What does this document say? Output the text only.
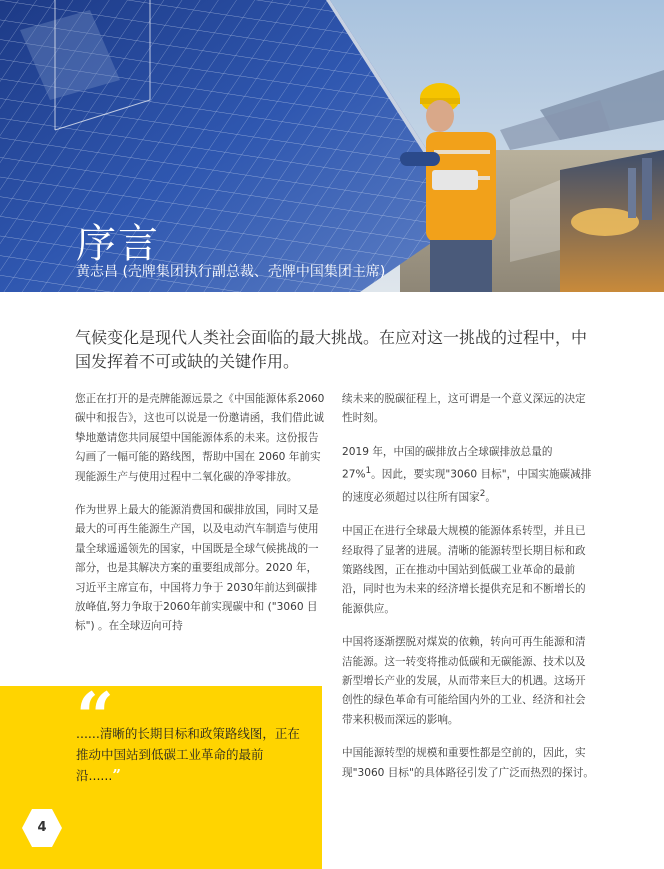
序言

黄志昌 (壳牌集团执行副总裁、壳牌中国集团主席)

气候变化是现代人类社会面临的最大挑战。在应对这一挑战的过程中，中国发挥着不可或缺的关键作用。

您正在打开的是壳牌能源远景之《中国能源体系2060 碳中和报告》，这也可以说是一份邀请函，我们借此诚挚地邀请您共同展望中国能源体系的未来。这份报告勾画了一幅可能的路线图，帮助中国在 2060 年前实现能源生产与使用过程中二氧化碳的净零排放。

作为世界上最大的能源消费国和碳排放国，同时又是最大的可再生能源生产国，以及电动汽车制造与使用量全球遥遥领先的国家，中国既是全球气候挑战的一部分，也是其解决方案的重要组成部分。2020 年，习近平主席宣布，中国将力争于 2030年前达到碳排放峰值,努力争取于2060年前实现碳中和 ("3060 目标") 。在全球迈向可持

续未来的脱碳征程上，这可谓是一个意义深远的决定性时刻。

2019 年，中国的碳排放占全球碳排放总量的 27%$^1$。因此，要实现"3060 目标"，中国实施碳减排的速度必须超过以往所有国家$^2$。

中国正在进行全球最大规模的能源体系转型，并且已经取得了显著的进展。清晰的能源转型长期目标和政策路线图，正在推动中国站到低碳工业革命的最前沿，同时也为未来的经济增长提供充足和不断增长的能源供应。

中国将逐渐摆脱对煤炭的依赖，转向可再生能源和清洁能源。这一转变将推动低碳和无碳能源、技术以及新型增长产业的发展，从而带来巨大的机遇。这场开创性的绿色革命有可能给国内外的工业、经济和社会带来积极而深远的影响。

中国能源转型的规模和重要性都是空前的，因此，实现"3060 目标"的具体路径引发了广泛而热烈的探讨。

“

......清晰的长期目标和政策路线图，正在推动中国站到低碳工业革命的最前沿......”

4
